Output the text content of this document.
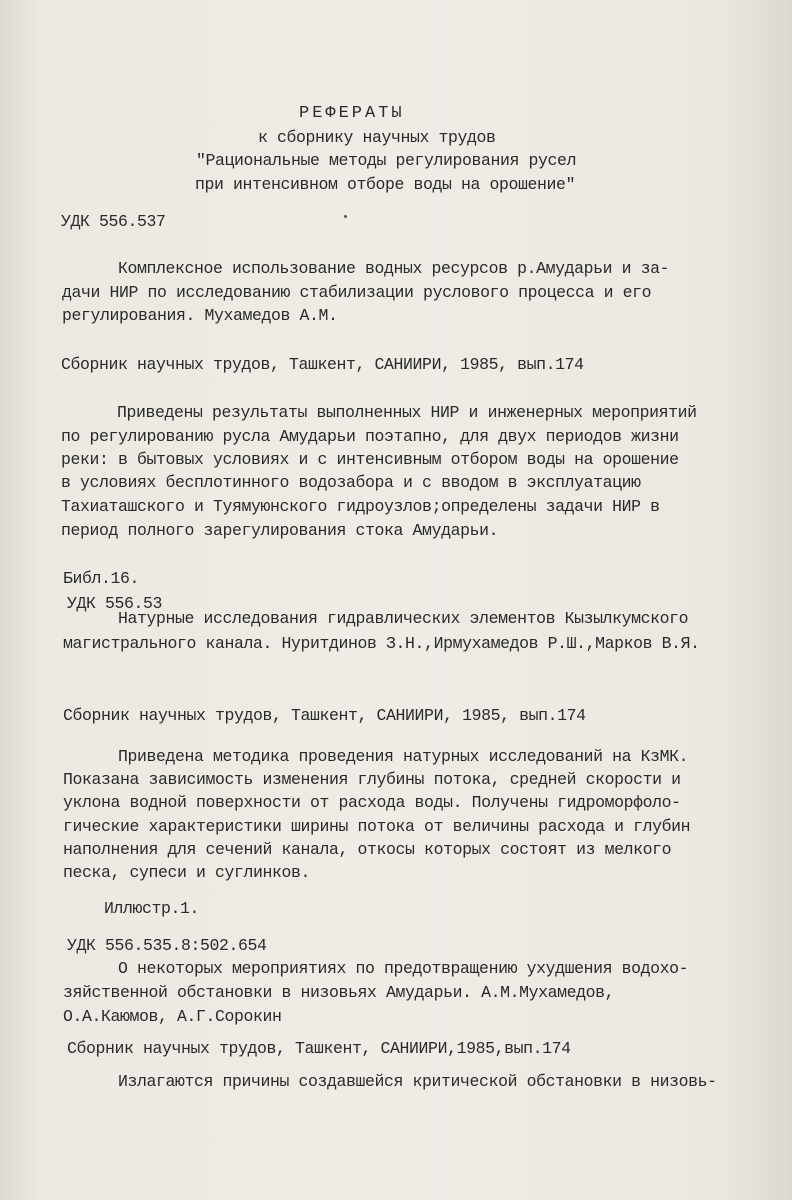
РЕФЕРАТЫ
к сборнику научных трудов
"Рациональные методы регулирования русел
при интенсивном отборе воды на орошение"
УДК 556.537
Комплексное использование водных ресурсов р.Амударьи и за-
дачи НИР по исследованию стабилизации руслового процесса и его
регулирования. Мухамедов А.М.
Сборник научных трудов, Ташкент, САНИИРИ, 1985, вып.174
Приведены результаты выполненных НИР и инженерных мероприятий
по регулированию русла Амударьи поэтапно, для двух периодов жизни
реки: в бытовых условиях и с интенсивным отбором воды на орошение
в условиях бесплотинного водозабора и с вводом в эксплуатацию
Тахиаташского и Туямуюнского гидроузлов;определены задачи НИР в
период полного зарегулирования стока Амударьи.
Библ.16.
УДК 556.53
Натурные исследования гидравлических элементов Кызылкумского
магистрального канала. Нуритдинов З.Н.,Ирмухамедов Р.Ш.,Марков В.Я.
Сборник научных трудов, Ташкент, САНИИРИ, 1985, вып.174
Приведена методика проведения натурных исследований на КзМК.
Показана зависимость изменения глубины потока, средней скорости и
уклона водной поверхности от расхода воды. Получены гидроморфоло-
гические характеристики ширины потока от величины расхода и глубин
наполнения для сечений канала, откосы которых состоят из мелкого
песка, супеси и суглинков.
Иллюстр.1.
УДК 556.535.8:502.654
О некоторых мероприятиях по предотвращению ухудшения водохо-
зяйственной обстановки в низовьях Амударьи. А.М.Мухамедов,
О.А.Каюмов, А.Г.Сорокин
Сборник научных трудов, Ташкент, САНИИРИ,1985,вып.174
Излагаются причины создавшейся критической обстановки в низовь-
